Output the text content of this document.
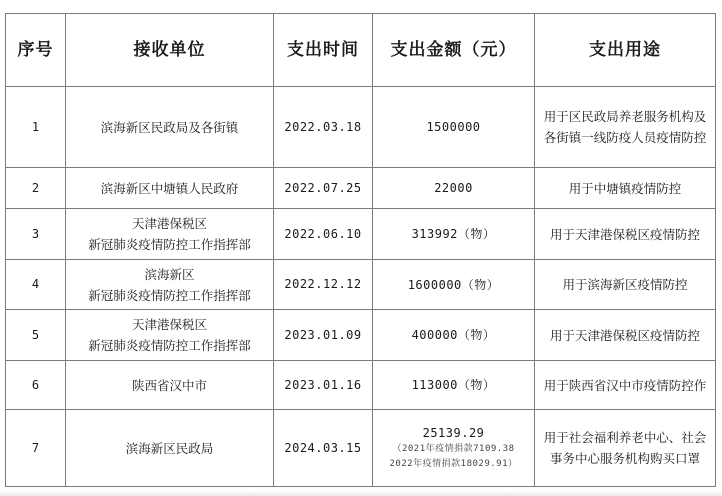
序号	接收单位	支出时间	支出金额（元）	支出用途
1	滨海新区民政局及各街镇	2022.03.18	1500000	用于区民政局养老服务机构及各街镇一线防疫人员疫情防控
2	滨海新区中塘镇人民政府	2022.07.25	22000	用于中塘镇疫情防控
3	天津港保税区
新冠肺炎疫情防控工作指挥部	2022.06.10	313992（物）	用于天津港保税区疫情防控
4	滨海新区
新冠肺炎疫情防控工作指挥部	2022.12.12	1600000（物）	用于滨海新区疫情防控
5	天津港保税区
新冠肺炎疫情防控工作指挥部	2023.01.09	400000（物）	用于天津港保税区疫情防控
6	陕西省汉中市	2023.01.16	113000（物）	用于陕西省汉中市疫情防控作
7	滨海新区民政局	2024.03.15	25139.29
（2021年疫情捐款7109.38
2022年疫情捐款18029.91）	用于社会福利养老中心、社会事务中心服务机构购买口罩
